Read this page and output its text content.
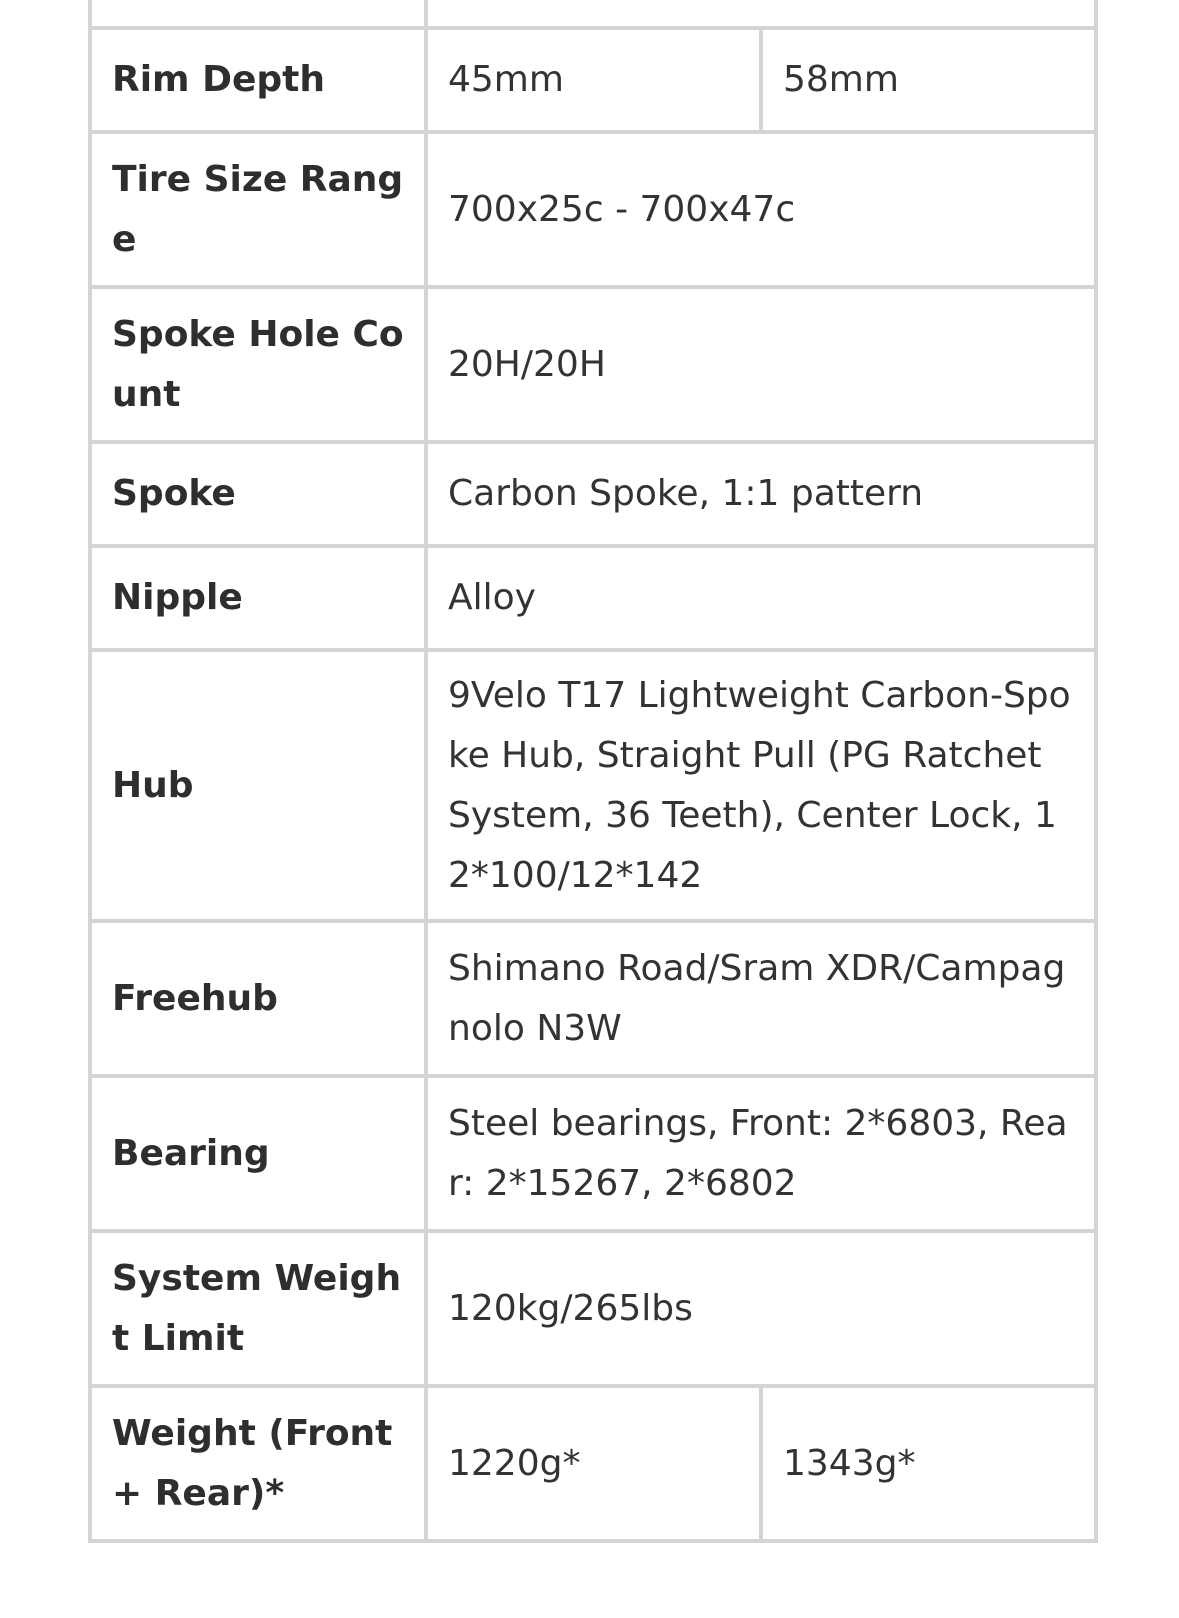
Rim Depth	45mm	58mm
Tire Size Range	700x25c - 700x47c	
Spoke Hole Count	20H/20H	
Spoke	Carbon Spoke, 1:1 pattern	
Nipple	Alloy	
Hub	9Velo T17 Lightweight Carbon-Spoke Hub, Straight Pull (PG Ratchet System, 36 Teeth), Center Lock, 12*100/12*142	
Freehub	Shimano Road/Sram XDR/Campagnolo N3W	
Bearing	Steel bearings, Front: 2*6803, Rear: 2*15267, 2*6802	
System Weight Limit	120kg/265lbs	
Weight (Front + Rear)*	1220g*	1343g*
